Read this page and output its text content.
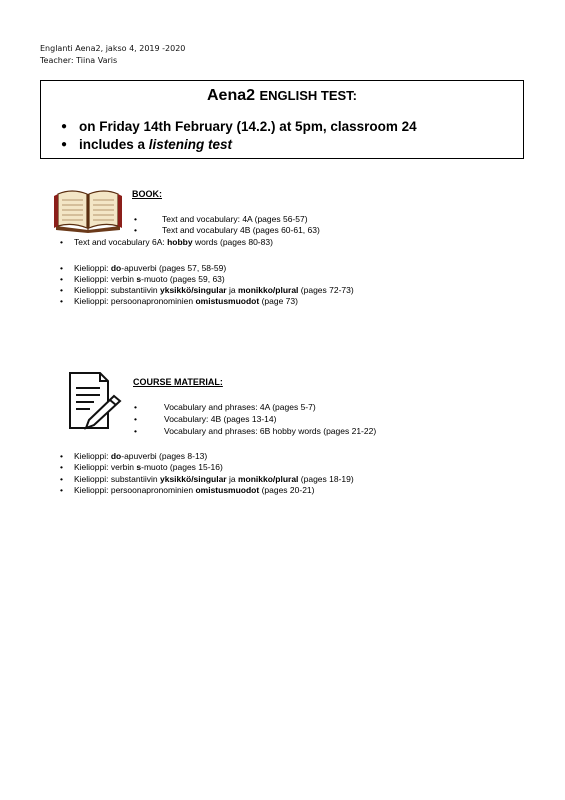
Englanti Aena2, jakso 4, 2019 -2020
Teacher: Tiina Varis
Aena2 ENGLISH TEST:
● on Friday 14th February (14.2.) at 5pm, classroom 24
● includes a listening test
BOOK:
•	Text and vocabulary: 4A (pages 56-57)
•	Text and vocabulary 4B (pages 60-61, 63)
• Text and vocabulary 6A: hobby words (pages 80-83)
• Kielioppi: do-apuverbi (pages 57, 58-59)
• Kielioppi: verbin s-muoto (pages 59, 63)
• Kielioppi: substantiivin yksikkö/singular ja monikko/plural (pages 72-73)
• Kielioppi: persoonapronominien omistusmuodot (page 73)
COURSE MATERIAL:
•	Vocabulary and phrases: 4A (pages 5-7)
•	Vocabulary: 4B (pages 13-14)
•	Vocabulary and phrases: 6B hobby words (pages 21-22)
• Kielioppi: do-apuverbi (pages 8-13)
• Kielioppi: verbin s-muoto (pages 15-16)
• Kielioppi: substantiivin yksikkö/singular ja monikko/plural (pages 18-19)
• Kielioppi: persoonapronominien omistusmuodot (pages 20-21)
